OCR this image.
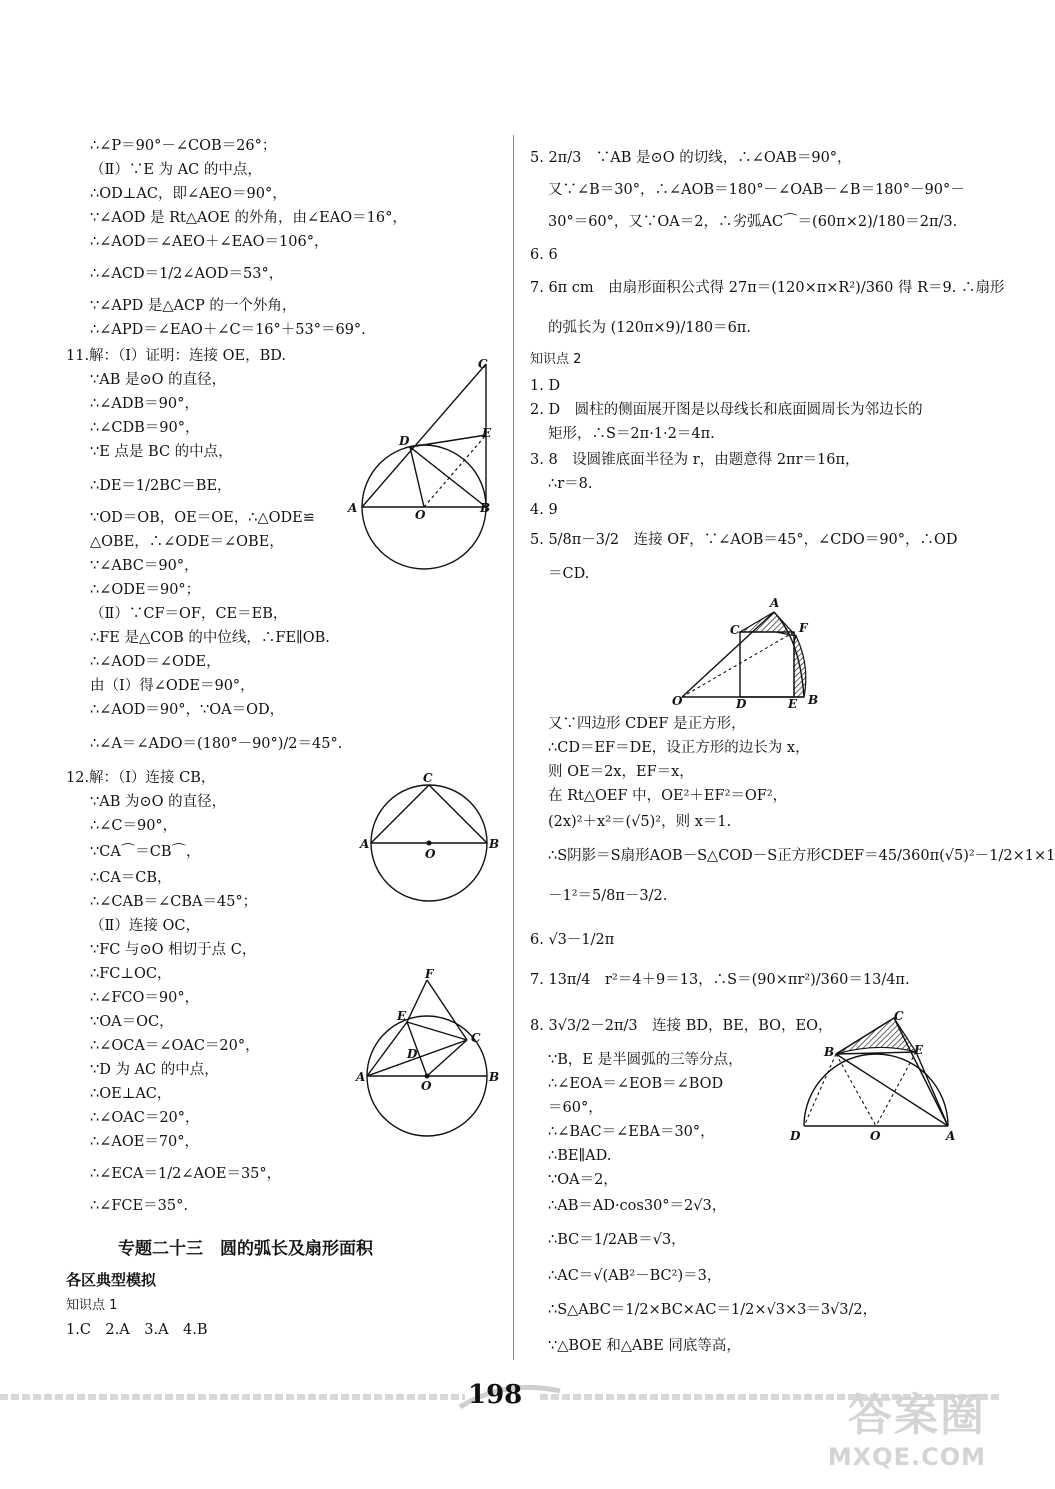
∴∠P＝90°－∠COB＝26°；
（Ⅱ）∵E 为 AC 的中点，
∴OD⊥AC，即∠AEO＝90°，
∵∠AOD 是 Rt△AOE 的外角，由∠EAO＝16°，
∴∠AOD＝∠AEO＋∠EAO＝106°，
∴∠ACD＝1/2∠AOD＝53°，
∵∠APD 是△ACP 的一个外角，
∴∠APD＝∠EAO＋∠C＝16°＋53°＝69°.
11.解：（Ⅰ）证明：连接 OE，BD.
∵AB 是⊙O 的直径，
∴∠ADB＝90°，
∴∠CDB＝90°，
∵E 点是 BC 的中点，
∴DE＝1/2BC＝BE，
∵OD＝OB，OE＝OE，∴△ODE≌
△OBE，∴∠ODE＝∠OBE，
∵∠ABC＝90°，
∴∠ODE＝90°；
（Ⅱ）∵CF＝OF，CE＝EB，
∴FE 是△COB 的中位线，∴FE∥OB.
∴∠AOD＝∠ODE，
由（Ⅰ）得∠ODE＝90°，
∴∠AOD＝90°，∵OA＝OD，
∴∠A＝∠ADO＝(180°－90°)/2＝45°.
12.解：（Ⅰ）连接 CB，
∵AB 为⊙O 的直径，
∴∠C＝90°，
∵CA⌒＝CB⌒，
∴CA＝CB，
∴∠CAB＝∠CBA＝45°；
（Ⅱ）连接 OC，
∵FC 与⊙O 相切于点 C，
∴FC⊥OC，
∴∠FCO＝90°，
∵OA＝OC，
∴∠OCA＝∠OAC＝20°，
∵D 为 AC 的中点，
∴OE⊥AC，
∴∠OAC＝20°，
∴∠AOE＝70°，
∴∠ECA＝1/2∠AOE＝35°，
∴∠FCE＝35°.
专题二十三　圆的弧长及扇形面积
各区典型模拟
知识点 1
1.C　2.A　3.A　4.B
C
D
E
A	O	B
C
A
O
B
F
E
C
D
A
O
B
5. 2π/3　∵AB 是⊙O 的切线，∴∠OAB＝90°，
又∵∠B＝30°，∴∠AOB＝180°－∠OAB－∠B＝180°－90°－
30°＝60°，又∵OA＝2，∴劣弧AC⌒＝(60π×2)/180＝2π/3.
6. 6
7. 6π cm　由扇形面积公式得 27π＝(120×π×R²)/360 得 R＝9. ∴扇形
的弧长为 (120π×9)/180＝6π.
知识点 2
1. D
2. D　圆柱的侧面展开图是以母线长和底面圆周长为邻边长的
矩形，∴S＝2π·1·2＝4π.
3. 8　设圆锥底面半径为 r，由题意得 2πr＝16π，
∴r＝8.
4. 9
5. 5/8π－3/2　连接 OF，∵∠AOB＝45°，∠CDO＝90°，∴OD
＝CD.
A
C	F
O	D	E B
又∵四边形 CDEF 是正方形，
∴CD＝EF＝DE，设正方形的边长为 x，
则 OE＝2x，EF＝x，
在 Rt△OEF 中，OE²＋EF²＝OF²，
(2x)²＋x²＝(√5)²，则 x＝1.
∴S阴影＝S扇形AOB－S△COD－S正方形CDEF＝45/360π(√5)²－1/2×1×1
－1²＝5/8π－3/2.
6. √3－1/2π
7. 13π/4　r²＝4＋9＝13，∴S＝(90×πr²)/360＝13/4π.
8. 3√3/2－2π/3　连接 BD，BE，BO，EO，
∵B，E 是半圆弧的三等分点，
∴∠EOA＝∠EOB＝∠BOD
＝60°，
∴∠BAC＝∠EBA＝30°，
∴BE∥AD.
∵OA＝2，
∴AB＝AD·cos30°＝2√3，
∴BC＝1/2AB＝√3，
∴AC＝√(AB²－BC²)＝3，
∴S△ABC＝1/2×BC×AC＝1/2×√3×3＝3√3/2，
∵△BOE 和△ABE 同底等高，
C
B	E
D	O	A
198	答案圈
MXQE.COM
